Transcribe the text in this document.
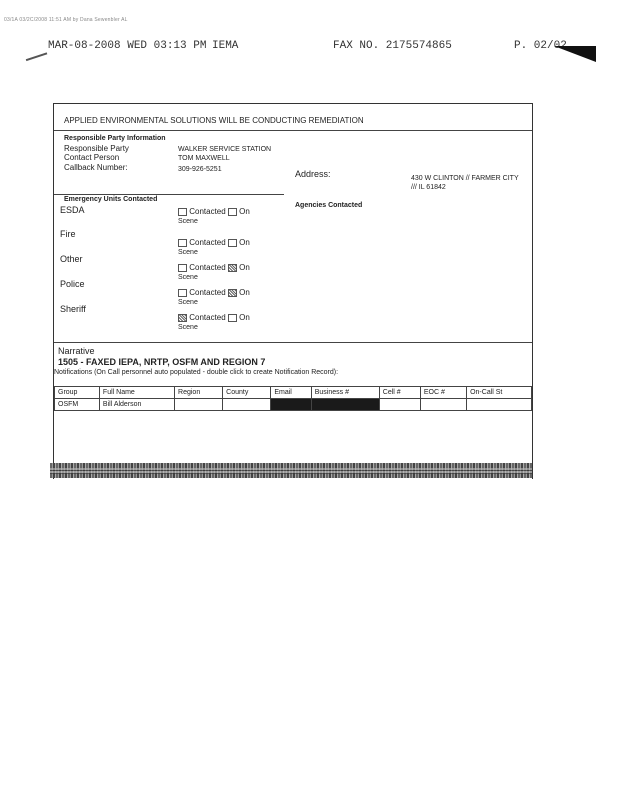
03/1A 03/2C/2008 11:51 AM by Dana Sewenbler AL
MAR-08-2008 WED 03:13 PM IEMA	FAX NO. 2175574865	P. 02/02
APPLIED ENVIRONMENTAL SOLUTIONS WILL BE CONDUCTING REMEDIATION
Responsible Party Information
Responsible Party	WALKER SERVICE STATION
Contact Person	TOM MAXWELL
Callback Number:	309-926-5251	Address:	430 W CLINTON // FARMER CITY /// IL 61842
Emergency Units Contacted
Agencies Contacted
ESDA	Contacted On
Scene
Fire
Contacted On
Scene
Other
Contacted On
Scene
Police
Contacted On
Scene
Sheriff
Contacted On
Scene
Narrative
1505 - FAXED IEPA, NRTP, OSFM AND REGION 7
Notifications (On Call personnel auto populated - double click to create Notification Record):
Group	Full Name	Region	County	Email	Business #	Cell #	EOC #	On-Call St
OSFM	Bill Alderson							
